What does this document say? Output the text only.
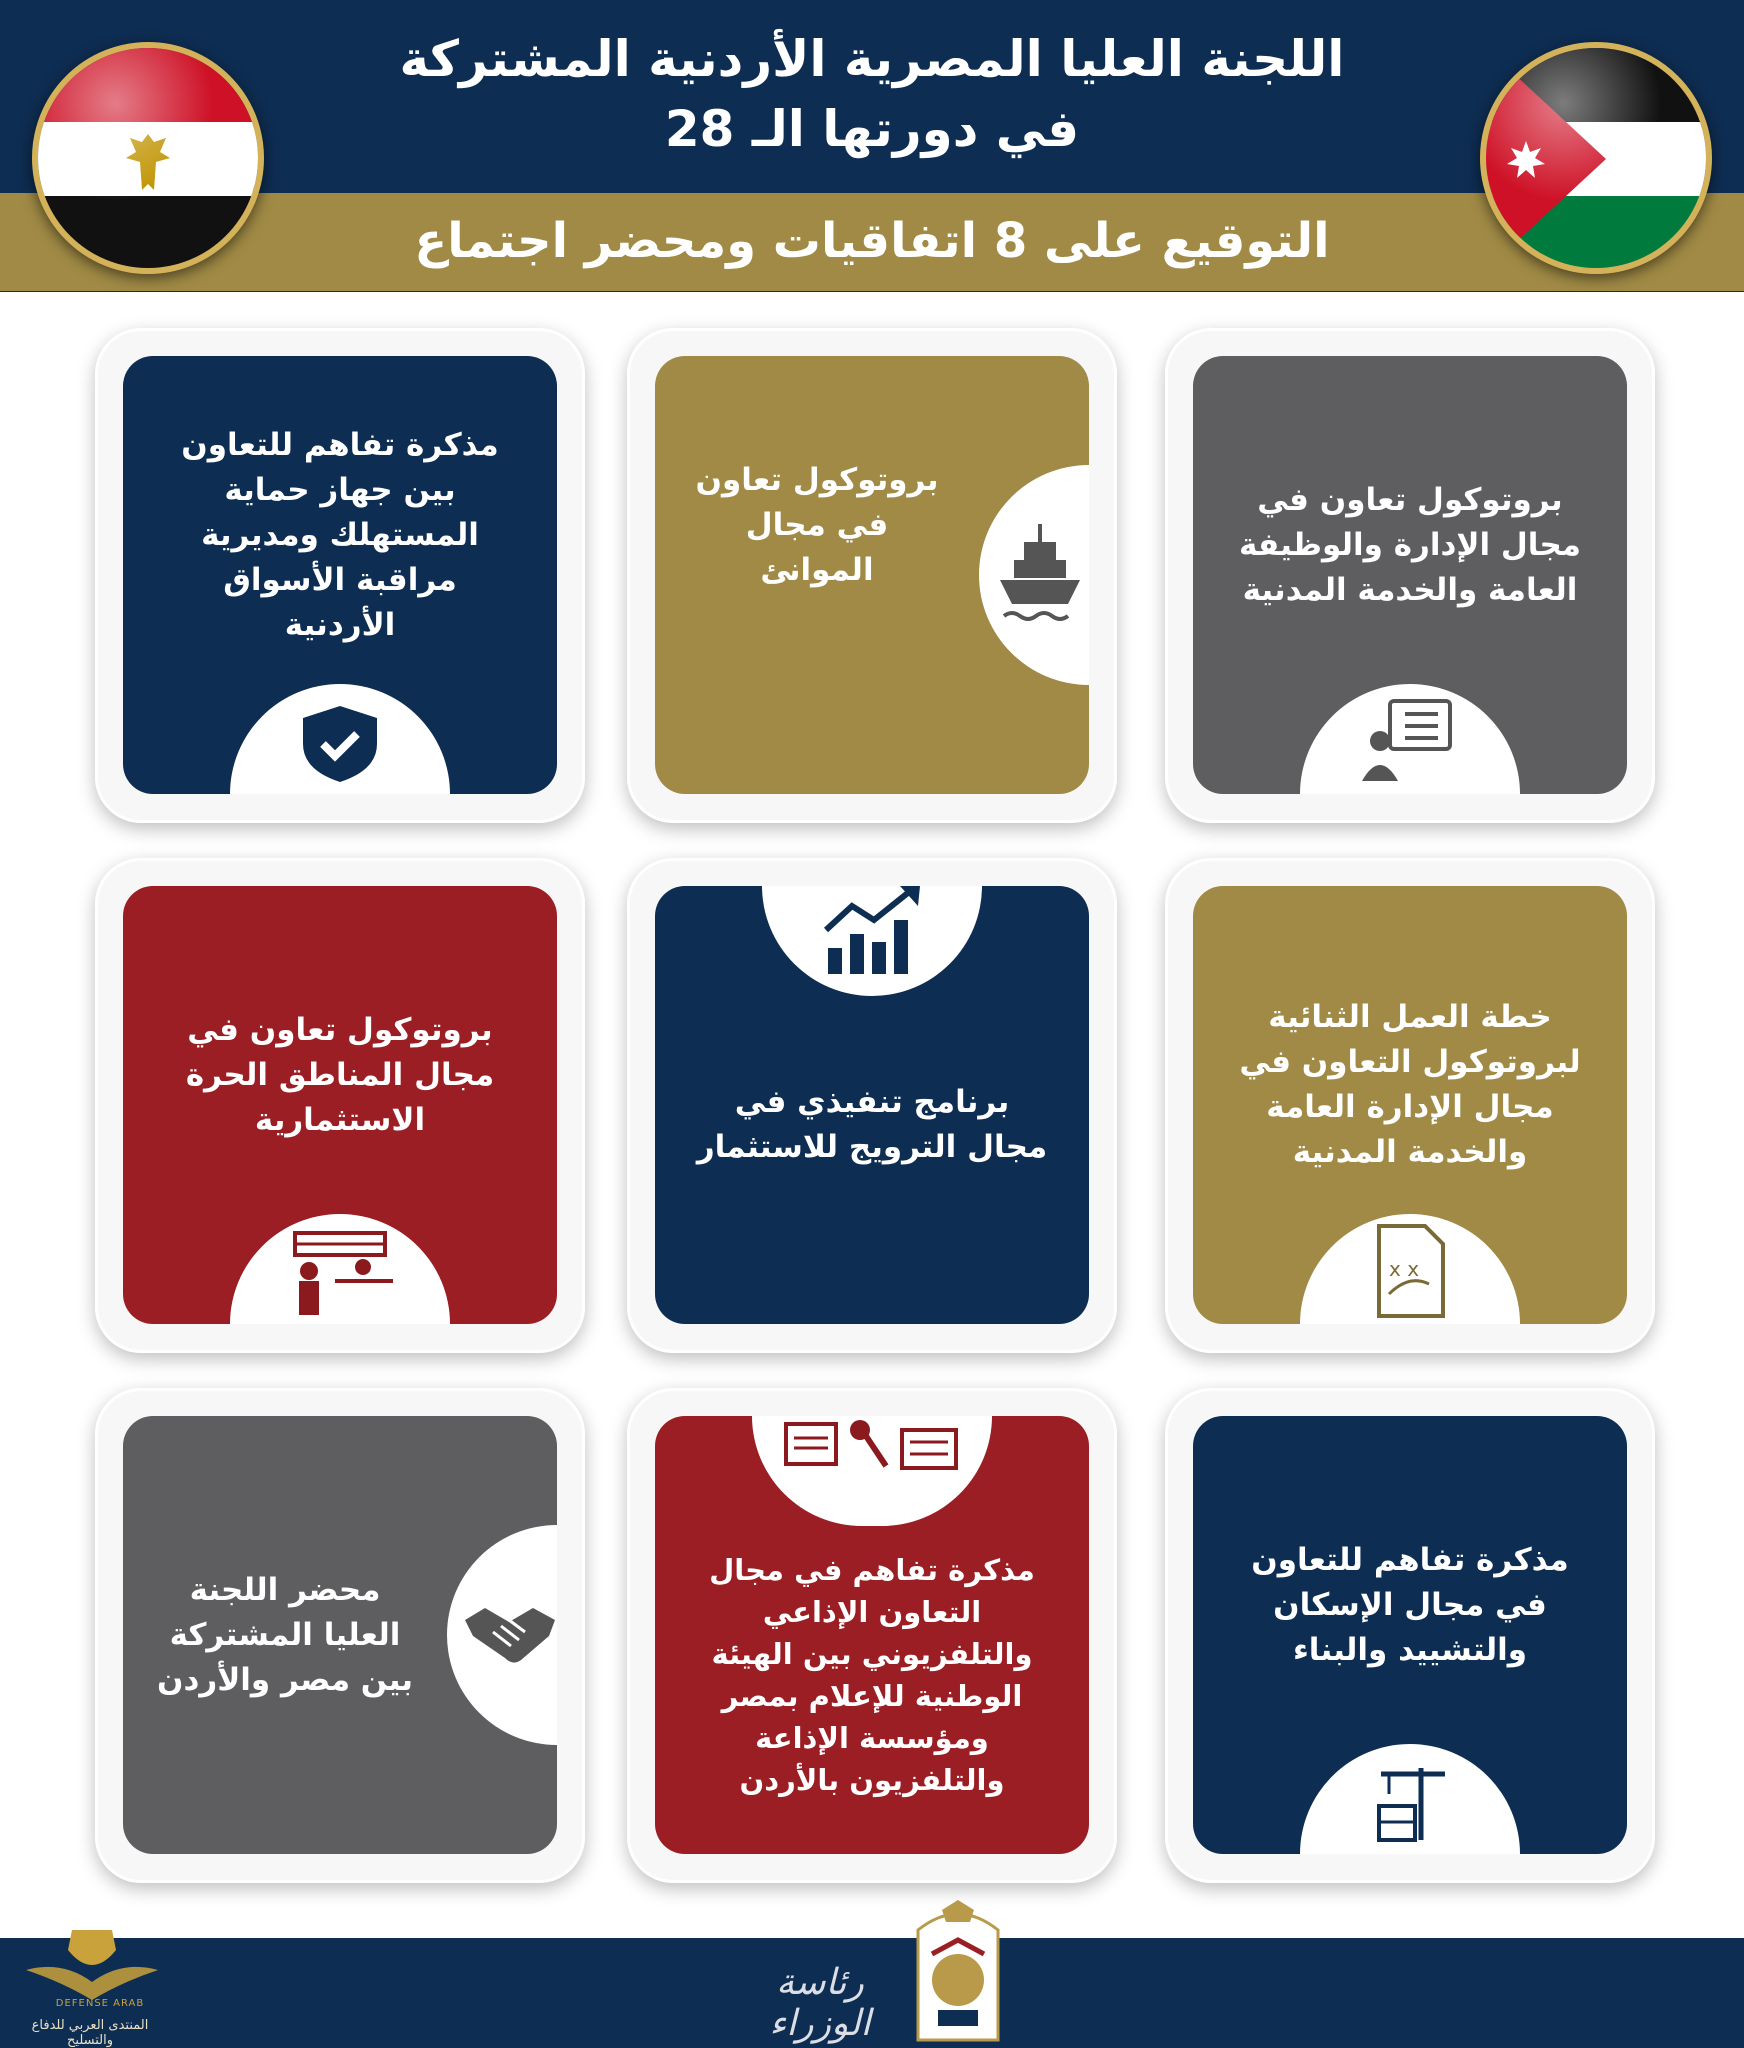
اللجنة العليا المصرية الأردنية المشتركة
في دورتها الـ 28
التوقيع على 8 اتفاقيات ومحضر اجتماع
بروتوكول تعاون في مجال الإدارة والوظيفة العامة والخدمة المدنية
بروتوكول تعاون في مجال الموانئ
مذكرة تفاهم للتعاون بين جهاز حماية المستهلك ومديرية مراقبة الأسواق الأردنية
خطة العمل الثنائية لبروتوكول التعاون في مجال الإدارة العامة والخدمة المدنية
x x
برنامج تنفيذي في مجال الترويج للاستثمار
بروتوكول تعاون في مجال المناطق الحرة الاستثمارية
مذكرة تفاهم للتعاون في مجال الإسكان والتشييد والبناء
مذكرة تفاهم في مجال التعاون الإذاعي والتلفزيوني بين الهيئة الوطنية للإعلام بمصر ومؤسسة الإذاعة والتلفزيون بالأردن
محضر اللجنة العليا المشتركة بين مصر والأردن
رئاسة الوزراء
DEFENSE ARAB
المنتدى العربي للدفاع والتسليح
